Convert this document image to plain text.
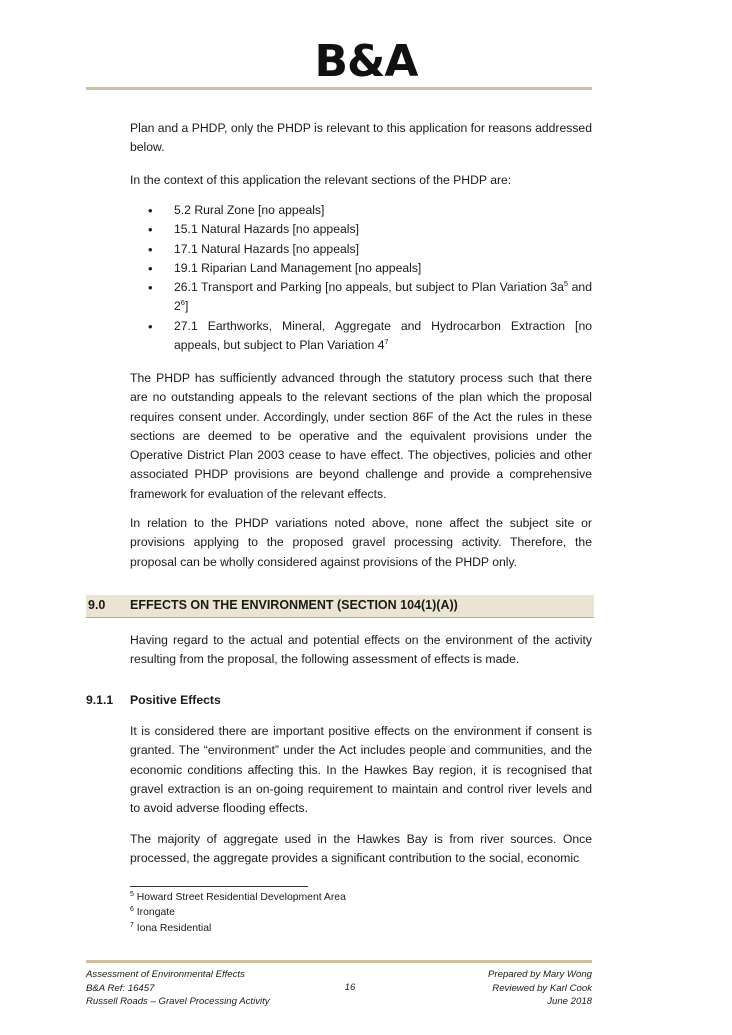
B&A

Plan and a PHDP, only the PHDP is relevant to this application for reasons addressed below.

In the context of this application the relevant sections of the PHDP are:

• 5.2 Rural Zone [no appeals]
• 15.1 Natural Hazards [no appeals]
• 17.1 Natural Hazards [no appeals]
• 19.1 Riparian Land Management [no appeals]
• 26.1 Transport and Parking [no appeals, but subject to Plan Variation $3a^5$ and $2^6$]
• 27.1 Earthworks, Mineral, Aggregate and Hydrocarbon Extraction [no appeals, but subject to Plan Variation $4^7$

The PHDP has sufficiently advanced through the statutory process such that there are no outstanding appeals to the relevant sections of the plan which the proposal requires consent under. Accordingly, under section 86F of the Act the rules in these sections are deemed to be operative and the equivalent provisions under the Operative District Plan 2003 cease to have effect. The objectives, policies and other associated PHDP provisions are beyond challenge and provide a comprehensive framework for evaluation of the relevant effects.

In relation to the PHDP variations noted above, none affect the subject site or provisions applying to the proposed gravel processing activity. Therefore, the proposal can be wholly considered against provisions of the PHDP only.

9.0 EFFECTS ON THE ENVIRONMENT (SECTION 104(1)(A))

Having regard to the actual and potential effects on the environment of the activity resulting from the proposal, the following assessment of effects is made.

9.1.1 Positive Effects

It is considered there are important positive effects on the environment if consent is granted. The “environment” under the Act includes people and communities, and the economic conditions affecting this. In the Hawkes Bay region, it is recognised that gravel extraction is an on-going requirement to maintain and control river levels and to avoid adverse flooding effects.

The majority of aggregate used in the Hawkes Bay is from river sources. Once processed, the aggregate provides a significant contribution to the social, economic

$^5$ Howard Street Residential Development Area
$^6$ Irongate
$^7$ Iona Residential
Assessment of Environmental Effects
B&A Ref: 16457
Russell Roads – Gravel Processing Activity
16
Prepared by Mary Wong
Reviewed by Karl Cook
June 2018
